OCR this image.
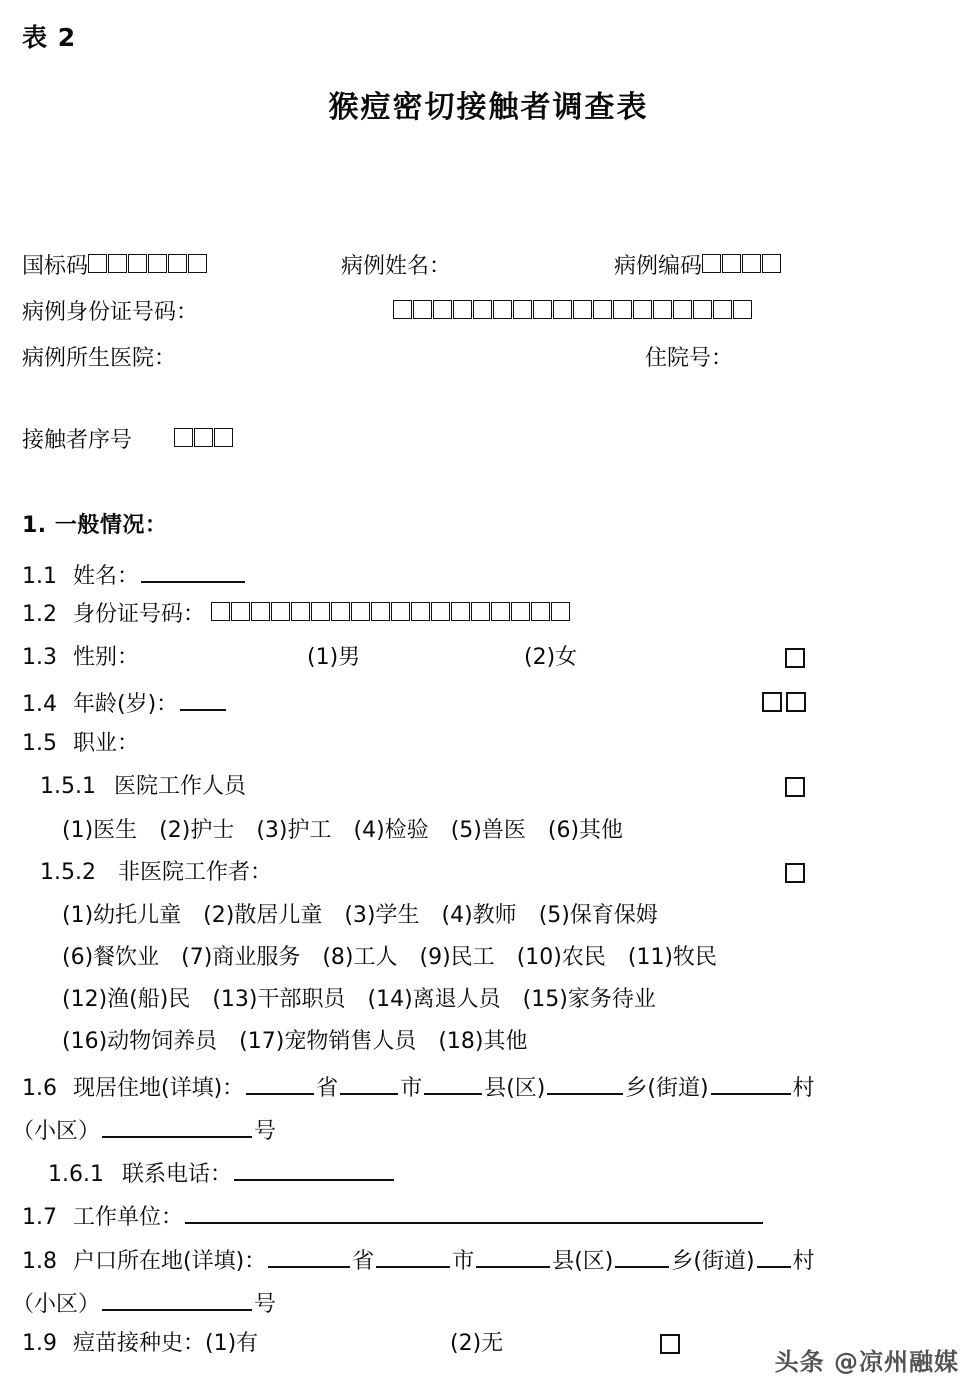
表 2
猴痘密切接触者调查表
国标码	病例姓名：	病例编码
病例身份证号码：
病例所生医院：	住院号：
接触者序号
1. 一般情况：
1.1 姓名：
1.2 身份证号码：
1.3 性别：	(1)男	(2)女
1.4 年龄(岁)：
1.5 职业：
1.5.1 医院工作人员
(1)医生 (2)护士 (3)护工 (4)检验 (5)兽医 (6)其他
1.5.2 非医院工作者：
(1)幼托儿童 (2)散居儿童 (3)学生 (4)教师 (5)保育保姆
(6)餐饮业 (7)商业服务 (8)工人 (9)民工 (10)农民 (11)牧民
(12)渔(船)民 (13)干部职员 (14)离退人员 (15)家务待业
(16)动物饲养员 (17)宠物销售人员 (18)其他
1.6 现居住地(详填)：	省	市	县(区)	乡(街道)	村
（小区）	号
1.6.1 联系电话：
1.7 工作单位：
1.8 户口所在地(详填)：	省	市	县(区)	乡(街道) 村
（小区）	号
1.9 痘苗接种史： (1)有	(2)无
头条 @凉州融媒
